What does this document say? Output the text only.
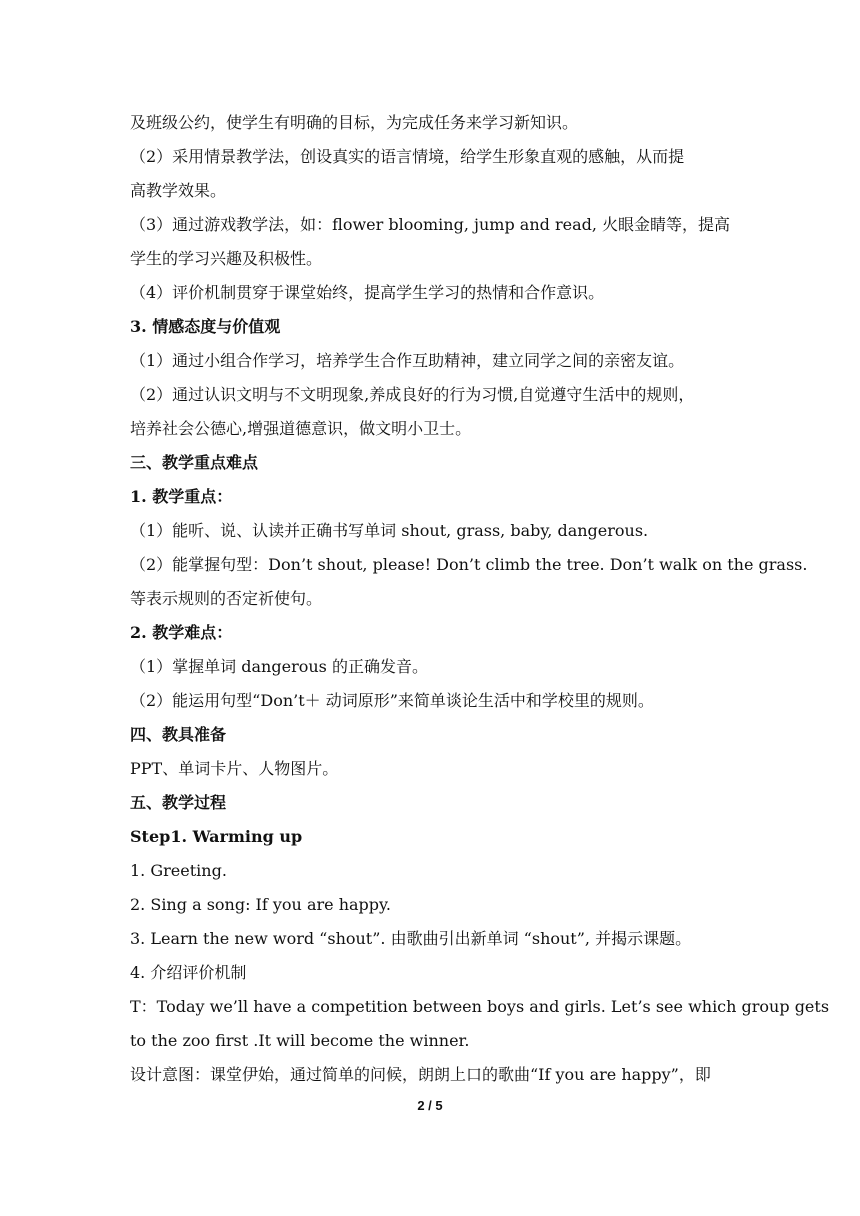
及班级公约，使学生有明确的目标，为完成任务来学习新知识。
（2）采用情景教学法，创设真实的语言情境，给学生形象直观的感触，从而提
高教学效果。
（3）通过游戏教学法，如：flower blooming, jump and read, 火眼金睛等，提高
学生的学习兴趣及积极性。
（4）评价机制贯穿于课堂始终，提高学生学习的热情和合作意识。
3. 情感态度与价值观
（1）通过小组合作学习，培养学生合作互助精神，建立同学之间的亲密友谊。
（2）通过认识文明与不文明现象,养成良好的行为习惯,自觉遵守生活中的规则，
培养社会公德心,增强道德意识，做文明小卫士。
三、教学重点难点
1. 教学重点：
（1）能听、说、认读并正确书写单词 shout, grass, baby, dangerous.
（2）能掌握句型：Don’t shout, please! Don’t climb the tree. Don’t walk on the grass.
等表示规则的否定祈使句。
2. 教学难点：
（1）掌握单词 dangerous 的正确发音。
（2）能运用句型“Don’t＋ 动词原形”来简单谈论生活中和学校里的规则。
四、教具准备
PPT、单词卡片、人物图片。
五、教学过程
Step1. Warming up
1. Greeting.
2. Sing a song: If you are happy.
3. Learn the new word “shout”. 由歌曲引出新单词 “shout”, 并揭示课题。
4. 介绍评价机制
T：Today we’ll have a competition between boys and girls. Let’s see which group gets
to the zoo first .It will become the winner.
设计意图：课堂伊始，通过简单的问候，朗朗上口的歌曲“If you are happy”，即
2 / 5
